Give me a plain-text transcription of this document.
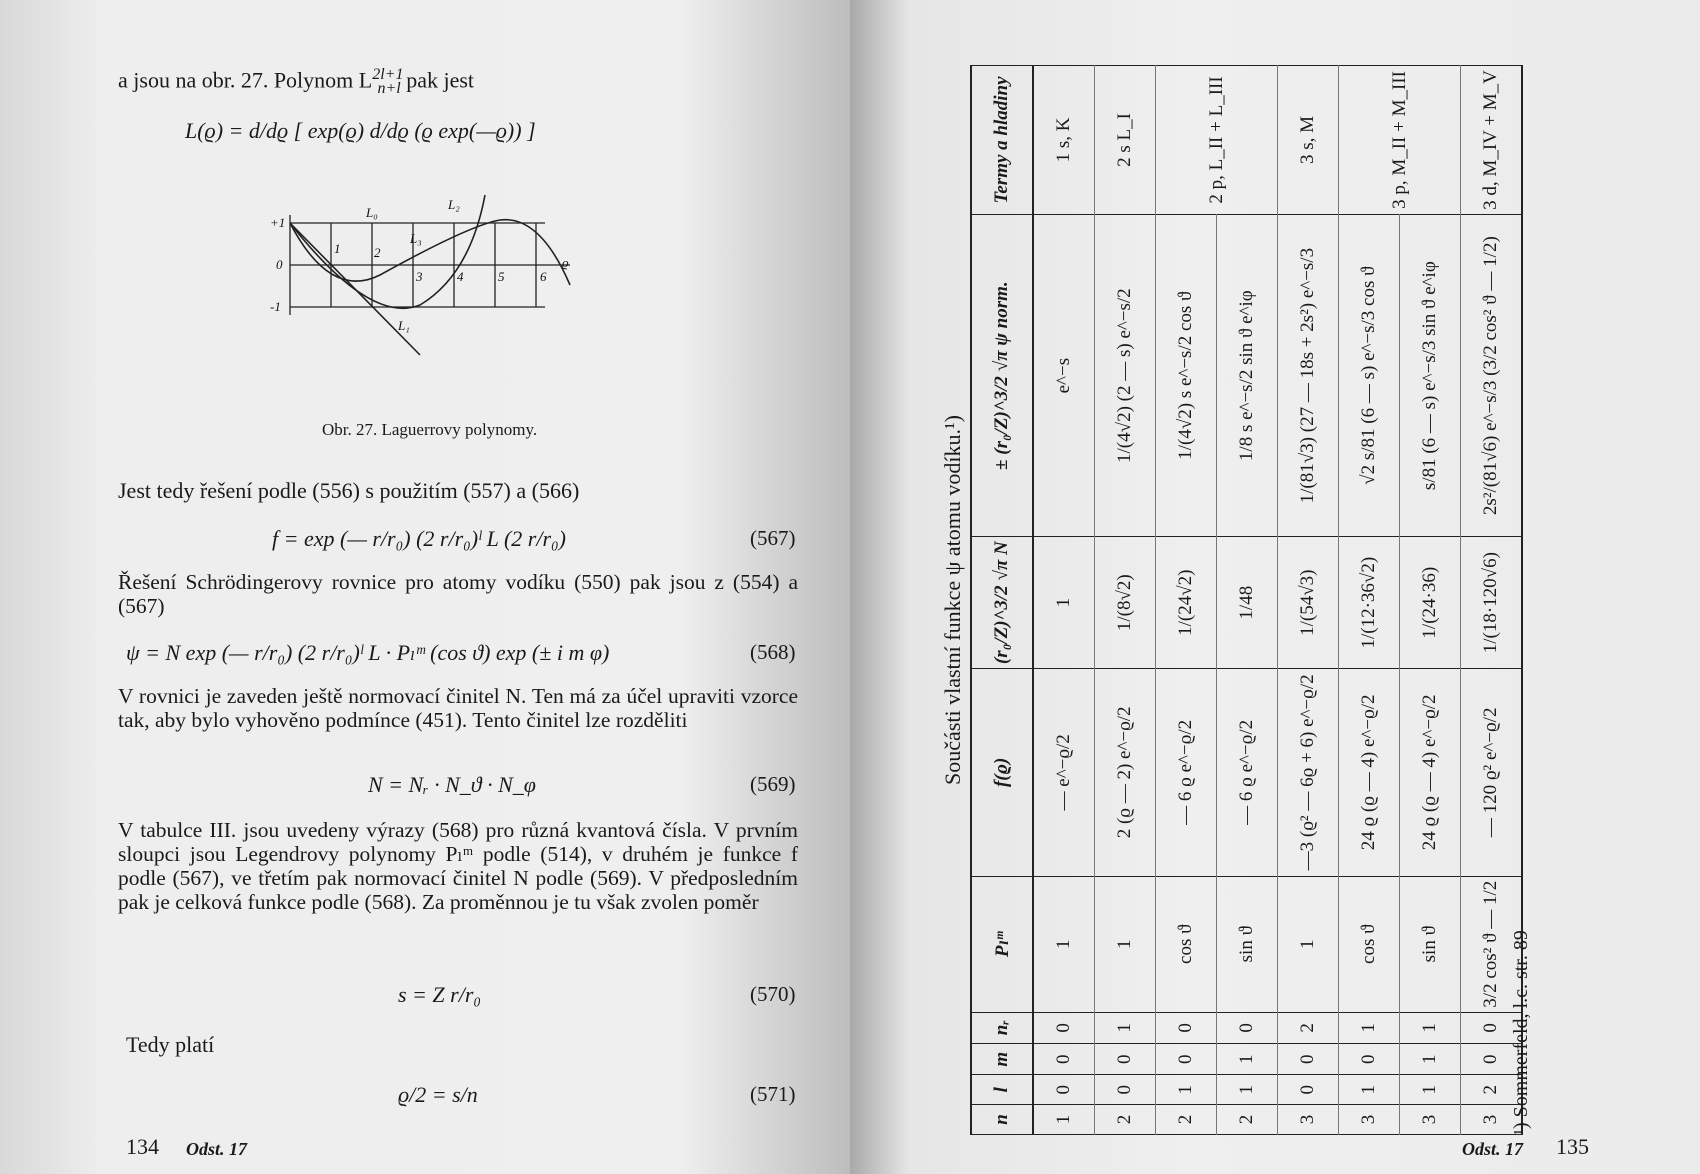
a jsou na obr. 27. Polynom $L^{2l+1}_{n+l}$ pak jest
L(ϱ) = d/dϱ [ exp(ϱ) d/dϱ (ϱ exp(—ϱ)) ]
+1
0
-1
1	2
3	4	5	6
ϱ
L₀
L₁
L₂
L₃
Obr. 27. Laguerrovy polynomy.
Jest tedy řešení podle (556) s použitím (557) a (566)
f = exp (— r/r₀) (2 r/r₀)ˡ L (2 r/r₀)	(567)
Řešení Schrödingerovy rovnice pro atomy vodíku (550) pak jsou z (554) a (567)
ψ = N exp (— r/r₀) (2 r/r₀)ˡ L · Pₗᵐ (cos ϑ) exp (± i m φ)	(568)
V rovnici je zaveden ještě normovací činitel N. Ten má za účel upraviti vzorce tak, aby bylo vyhověno podmínce (451). Tento činitel lze rozděliti
N = Nᵣ · N_ϑ · N_φ	(569)
V tabulce III. jsou uvedeny výrazy (568) pro různá kvantová čísla. V prvním sloupci jsou Legendrovy polynomy Pₗᵐ podle (514), v druhém je funkce f podle (567), ve třetím pak normovací činitel N podle (569). V předposledním pak je celková funkce podle (568). Za proměnnou je tu však zvolen poměr
s = Z r/r₀	(570)
Tedy platí
ϱ/2 = s/n	(571)
134 Odst. 17
Součásti vlastní funkce ψ atomu vodíku.¹)
n	l	m	nᵣ	Pₗᵐ	f(ϱ)	(r₀/Z)^3/2 √π N	± (r₀/Z)^3/2 √π ψ norm.	Termy a hladiny
1	0	0	0	1	— e^−ϱ/2	1	e^−s	1 s, K
2	0	0	1	1	2 (ϱ — 2) e^−ϱ/2	1/(8√2)	1/(4√2) (2 — s) e^−s/2	2 s L_I
2	1	0	0	cos ϑ	— 6 ϱ e^−ϱ/2	1/(24√2)	1/(4√2) s e^−s/2 cos ϑ	2 p, L_II + L_III
2	1	1	0	sin ϑ	— 6 ϱ e^−ϱ/2	1/48	1/8 s e^−s/2 sin ϑ e^iφ	
3	0	0	2	1	—3 (ϱ² — 6ϱ + 6) e^−ϱ/2	1/(54√3)	1/(81√3) (27 — 18s + 2s²) e^−s/3	3 s, M
3	1	0	1	cos ϑ	24 ϱ (ϱ — 4) e^−ϱ/2	1/(12·36√2)	√2 s/81 (6 — s) e^−s/3 cos ϑ	3 p, M_II + M_III
3	1	1	1	sin ϑ	24 ϱ (ϱ — 4) e^−ϱ/2	1/(24·36)	s/81 (6 — s) e^−s/3 sin ϑ e^iφ	
3	2	0	0	3/2 cos² ϑ — 1/2	— 120 ϱ² e^−ϱ/2	1/(18·120√6)	2s²/(81√6) e^−s/3 (3/2 cos² ϑ — 1/2)	3 d, M_IV + M_V
¹) Sommerfeld, l.c. str. 89
Odst. 17 135
